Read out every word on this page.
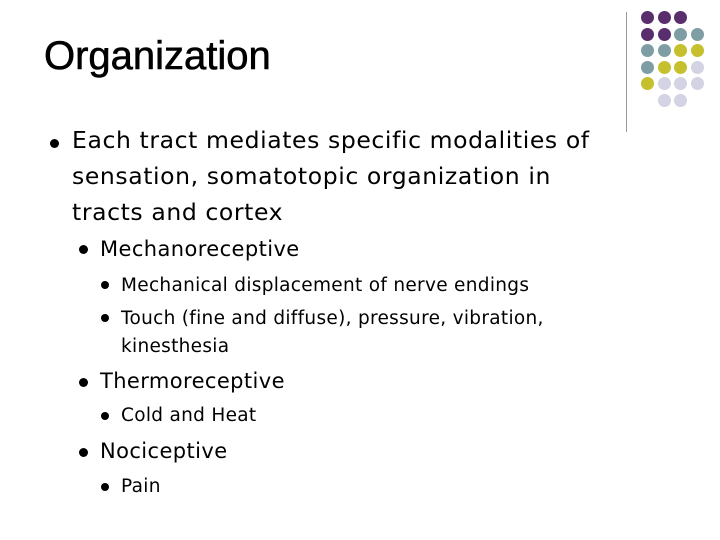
Organization
Each tract mediates specific modalities of
sensation, somatotopic organization in
tracts and cortex
Mechanoreceptive
Mechanical displacement of nerve endings
Touch (fine and diffuse), pressure, vibration,
kinesthesia
Thermoreceptive
Cold and Heat
Nociceptive
Pain
